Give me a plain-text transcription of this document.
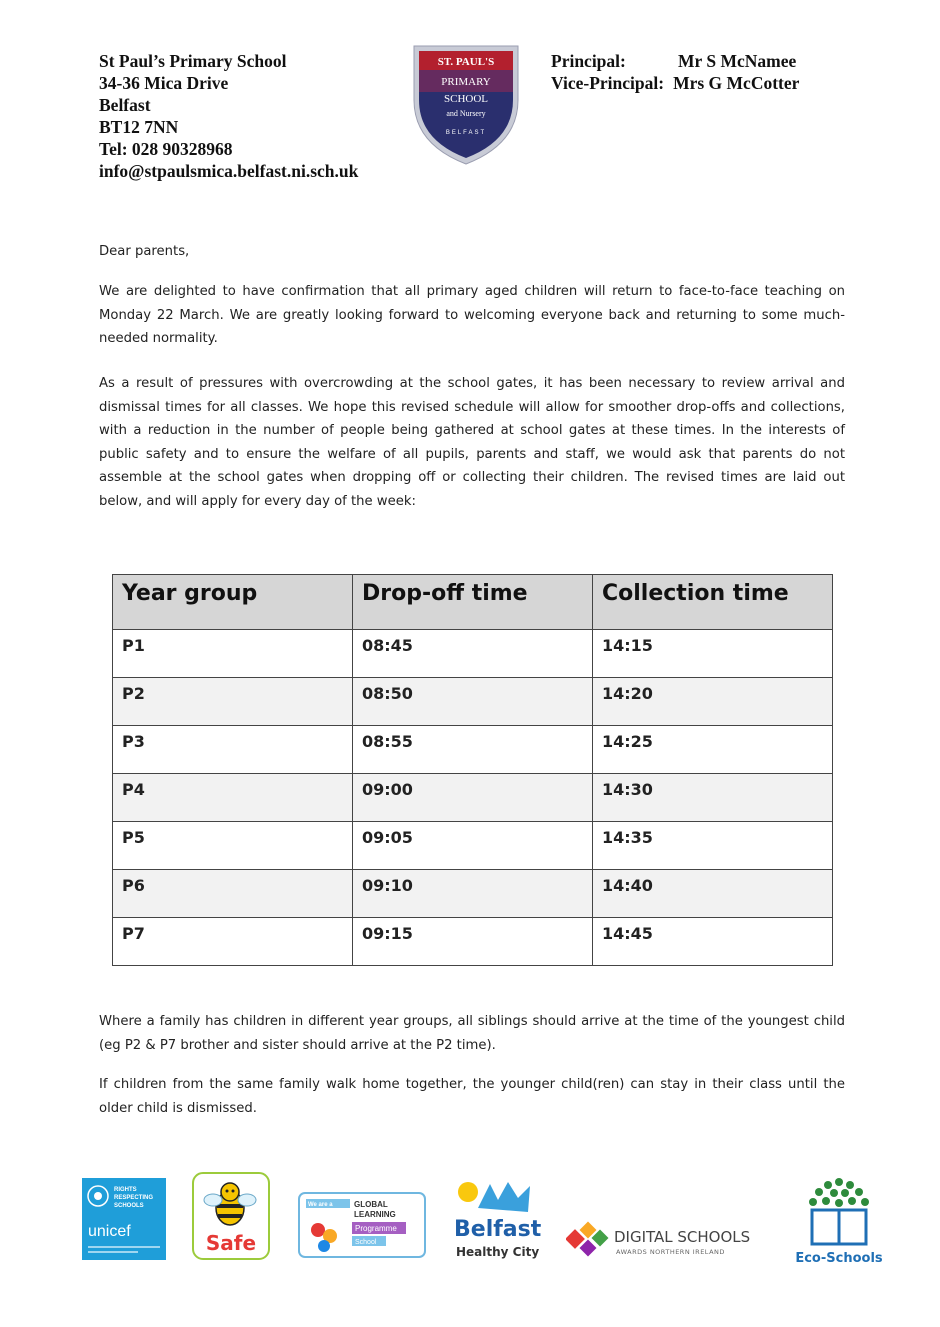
St Paul’s Primary School
34-36 Mica Drive
Belfast
BT12 7NN
Tel: 028 90328968
info@stpaulsmica.belfast.ni.sch.uk
ST. PAUL'S
PRIMARY
SCHOOL
and Nursery
BELFAST
Principal:	Mr S McNamee
Vice-Principal: Mrs G McCotter

Dear parents,

We are delighted to have confirmation that all primary aged children will return to face-to-face teaching on Monday 22 March. We are greatly looking forward to welcoming everyone back and returning to some much-needed normality.

As a result of pressures with overcrowding at the school gates, it has been necessary to review arrival and dismissal times for all classes. We hope this revised schedule will allow for smoother drop-offs and collections, with a reduction in the number of people being gathered at school gates at these times. In the interests of public safety and to ensure the welfare of all pupils, parents and staff, we would ask that parents do not assemble at the school gates when dropping off or collecting their children. The revised times are laid out below, and will apply for every day of the week:

Year group	Drop-off time	Collection time
P1	08:45	14:15
P2	08:50	14:20
P3	08:55	14:25
P4	09:00	14:30
P5	09:05	14:35
P6	09:10	14:40
P7	09:15	14:45

Where a family has children in different year groups, all siblings should arrive at the time of the youngest child (eg P2 & P7 brother and sister should arrive at the P2 time).

If children from the same family walk home together, the younger child(ren) can stay in their class until the older child is dismissed.

RIGHTS
RESPECTING
SCHOOLS
unicef	Safe
We are a	GLOBAL
LEARNING
Programme
School
Belfast
Healthy City
DIGITAL SCHOOLS
AWARDS NORTHERN IRELAND	Eco-Schools
